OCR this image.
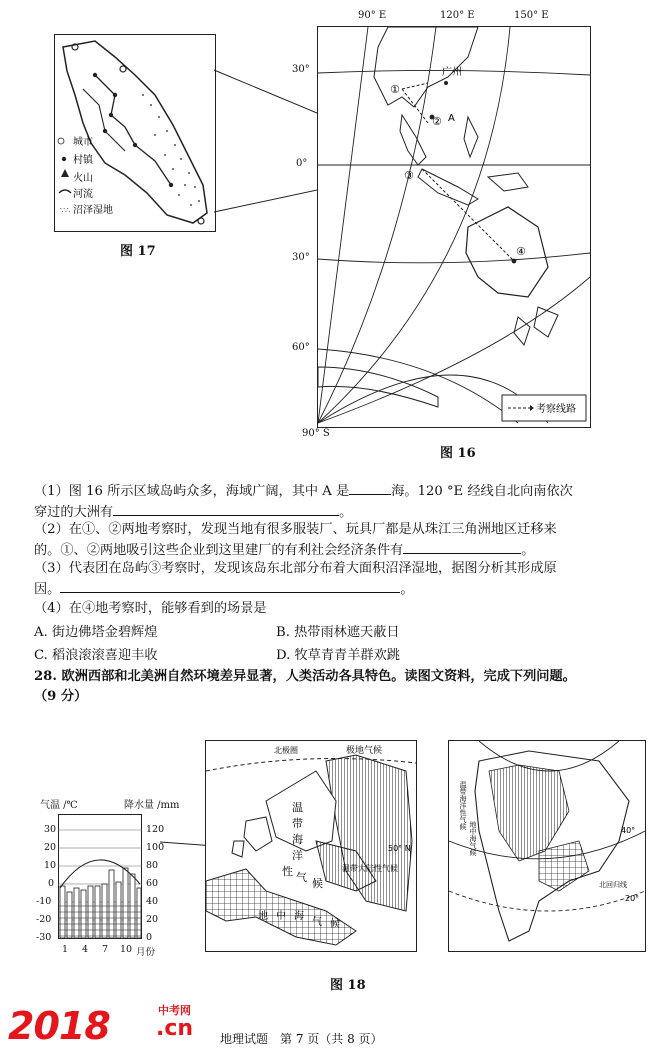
∵∴
城市
村镇
火山
河流
沼泽湿地
图 17
考察线路
广州
A
①
②
③
④
90° E	120° E	150° E
30°
0°
30°
60°
90° S
图 16
（1）图 16 所示区域岛屿众多，海域广阔，其中 A 是	海。120 °E 经线自北向南依次
穿过的大洲有	。
（2）在①、②两地考察时，发现当地有很多服装厂、玩具厂都是从珠江三角洲地区迁移来
的。①、②两地吸引这些企业到这里建厂的有利社会经济条件有	。
（3）代表团在岛屿③考察时，发现该岛东北部分布着大面积沼泽湿地，据图分析其形成原
因。	。
（4）在④地考察时，能够看到的场景是
A. 街边佛塔金碧辉煌	B. 热带雨林遮天蔽日
C. 稻浪滚滚喜迎丰收	D. 牧草青青羊群欢跳
28. 欧洲西部和北美洲自然环境差异显著，人类活动各具特色。读图文资料，完成下列问题。
（9 分）
气温 /℃	降水量 /mm
30
20
10
0
-10
-20
-30
120
100
80
60
40
20
0
1 4 7 10 月份
北极圈	极地气候
温
带
海
洋
性 气 候
温带大陆性气候
地 中 海
气 候
50° N
40°
北回归线
20°
温带海洋性气候
地中海气候
图 18
2018	中考网
.cn 地理试题　第 7 页（共 8 页）
